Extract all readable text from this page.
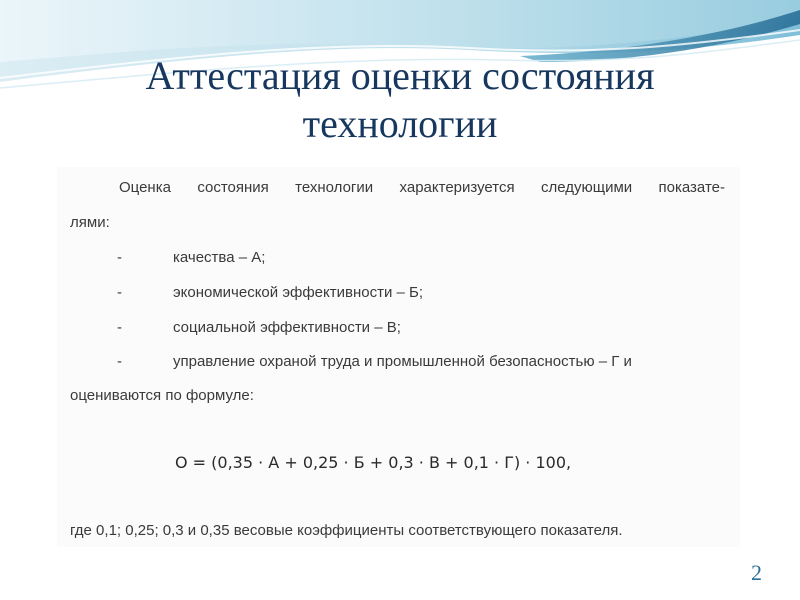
Аттестация оценки состояния технологии
Оценка состояния технологии характеризуется следующими показате-
лями:
-	качества – А;
-	экономической эффективности – Б;
-	социальной эффективности – В;
-	управление охраной труда и промышленной безопасностью – Г и
оцениваются по формуле:
О = (0,35 · А + 0,25 · Б + 0,3 · В + 0,1 · Г) · 100,
где 0,1; 0,25; 0,3 и 0,35 весовые коэффициенты соответствующего показателя.
2
